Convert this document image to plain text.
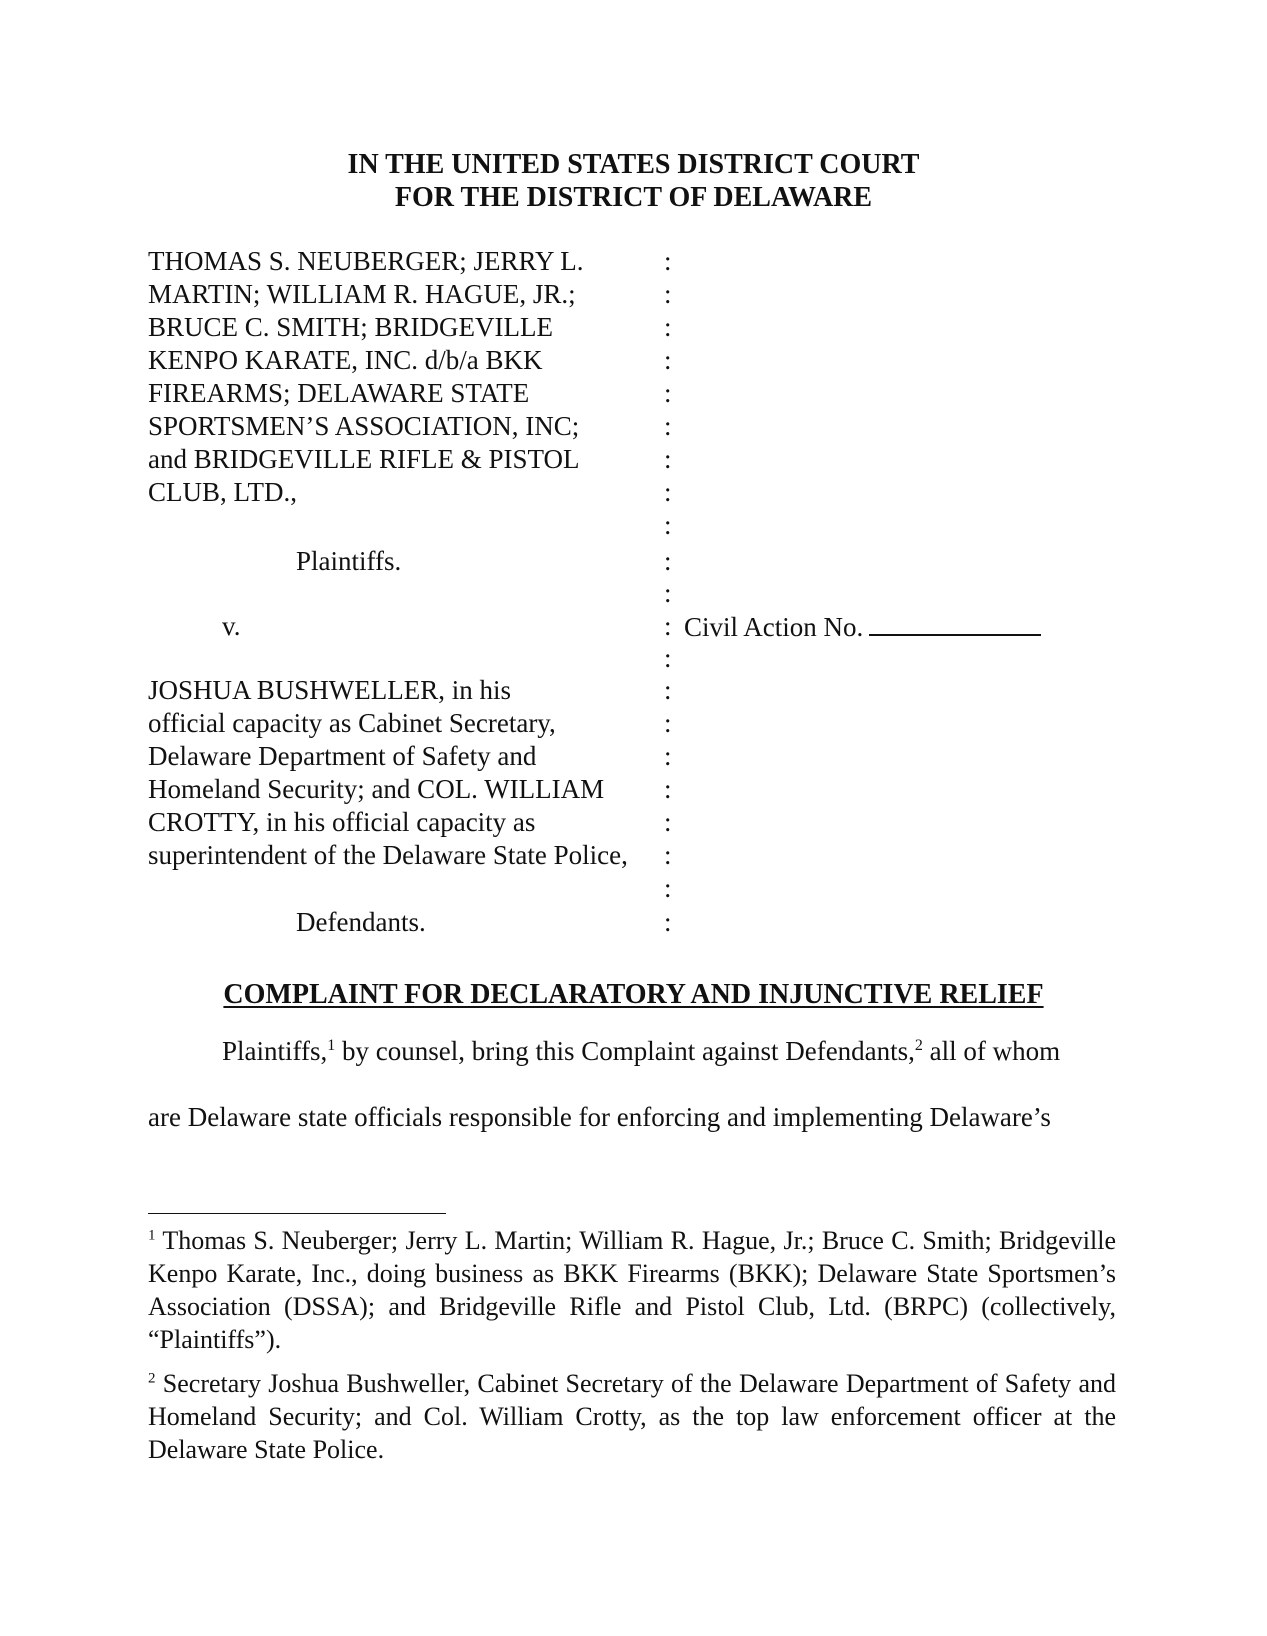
IN THE UNITED STATES DISTRICT COURT
FOR THE DISTRICT OF DELAWARE
THOMAS S. NEUBERGER; JERRY L.
MARTIN; WILLIAM R. HAGUE, JR.;
BRUCE C. SMITH; BRIDGEVILLE
KENPO KARATE, INC. d/b/a BKK
FIREARMS; DELAWARE STATE
SPORTSMEN’S ASSOCIATION, INC;
and BRIDGEVILLE RIFLE & PISTOL
CLUB, LTD.,
Plaintiffs.
v.
JOSHUA BUSHWELLER, in his
official capacity as Cabinet Secretary,
Delaware Department of Safety and
Homeland Security; and COL. WILLIAM
CROTTY, in his official capacity as
superintendent of the Delaware State Police,
Defendants.
:
:
:
:
:
:
:
:
:
:
:
:
:
:
:
:
:
:
:
:
:
Civil Action No.
COMPLAINT FOR DECLARATORY AND INJUNCTIVE RELIEF
Plaintiffs,$^1$ by counsel, bring this Complaint against Defendants,$^2$ all of whom
are Delaware state officials responsible for enforcing and implementing Delaware’s
$^1$ Thomas S. Neuberger; Jerry L. Martin; William R. Hague, Jr.; Bruce C. Smith; Bridgeville Kenpo Karate, Inc., doing business as BKK Firearms (BKK); Delaware State Sportsmen’s Association (DSSA); and Bridgeville Rifle and Pistol Club, Ltd. (BRPC) (collectively, “Plaintiffs”).
$^2$ Secretary Joshua Bushweller, Cabinet Secretary of the Delaware Department of Safety and Homeland Security; and Col. William Crotty, as the top law enforcement officer at the Delaware State Police.
